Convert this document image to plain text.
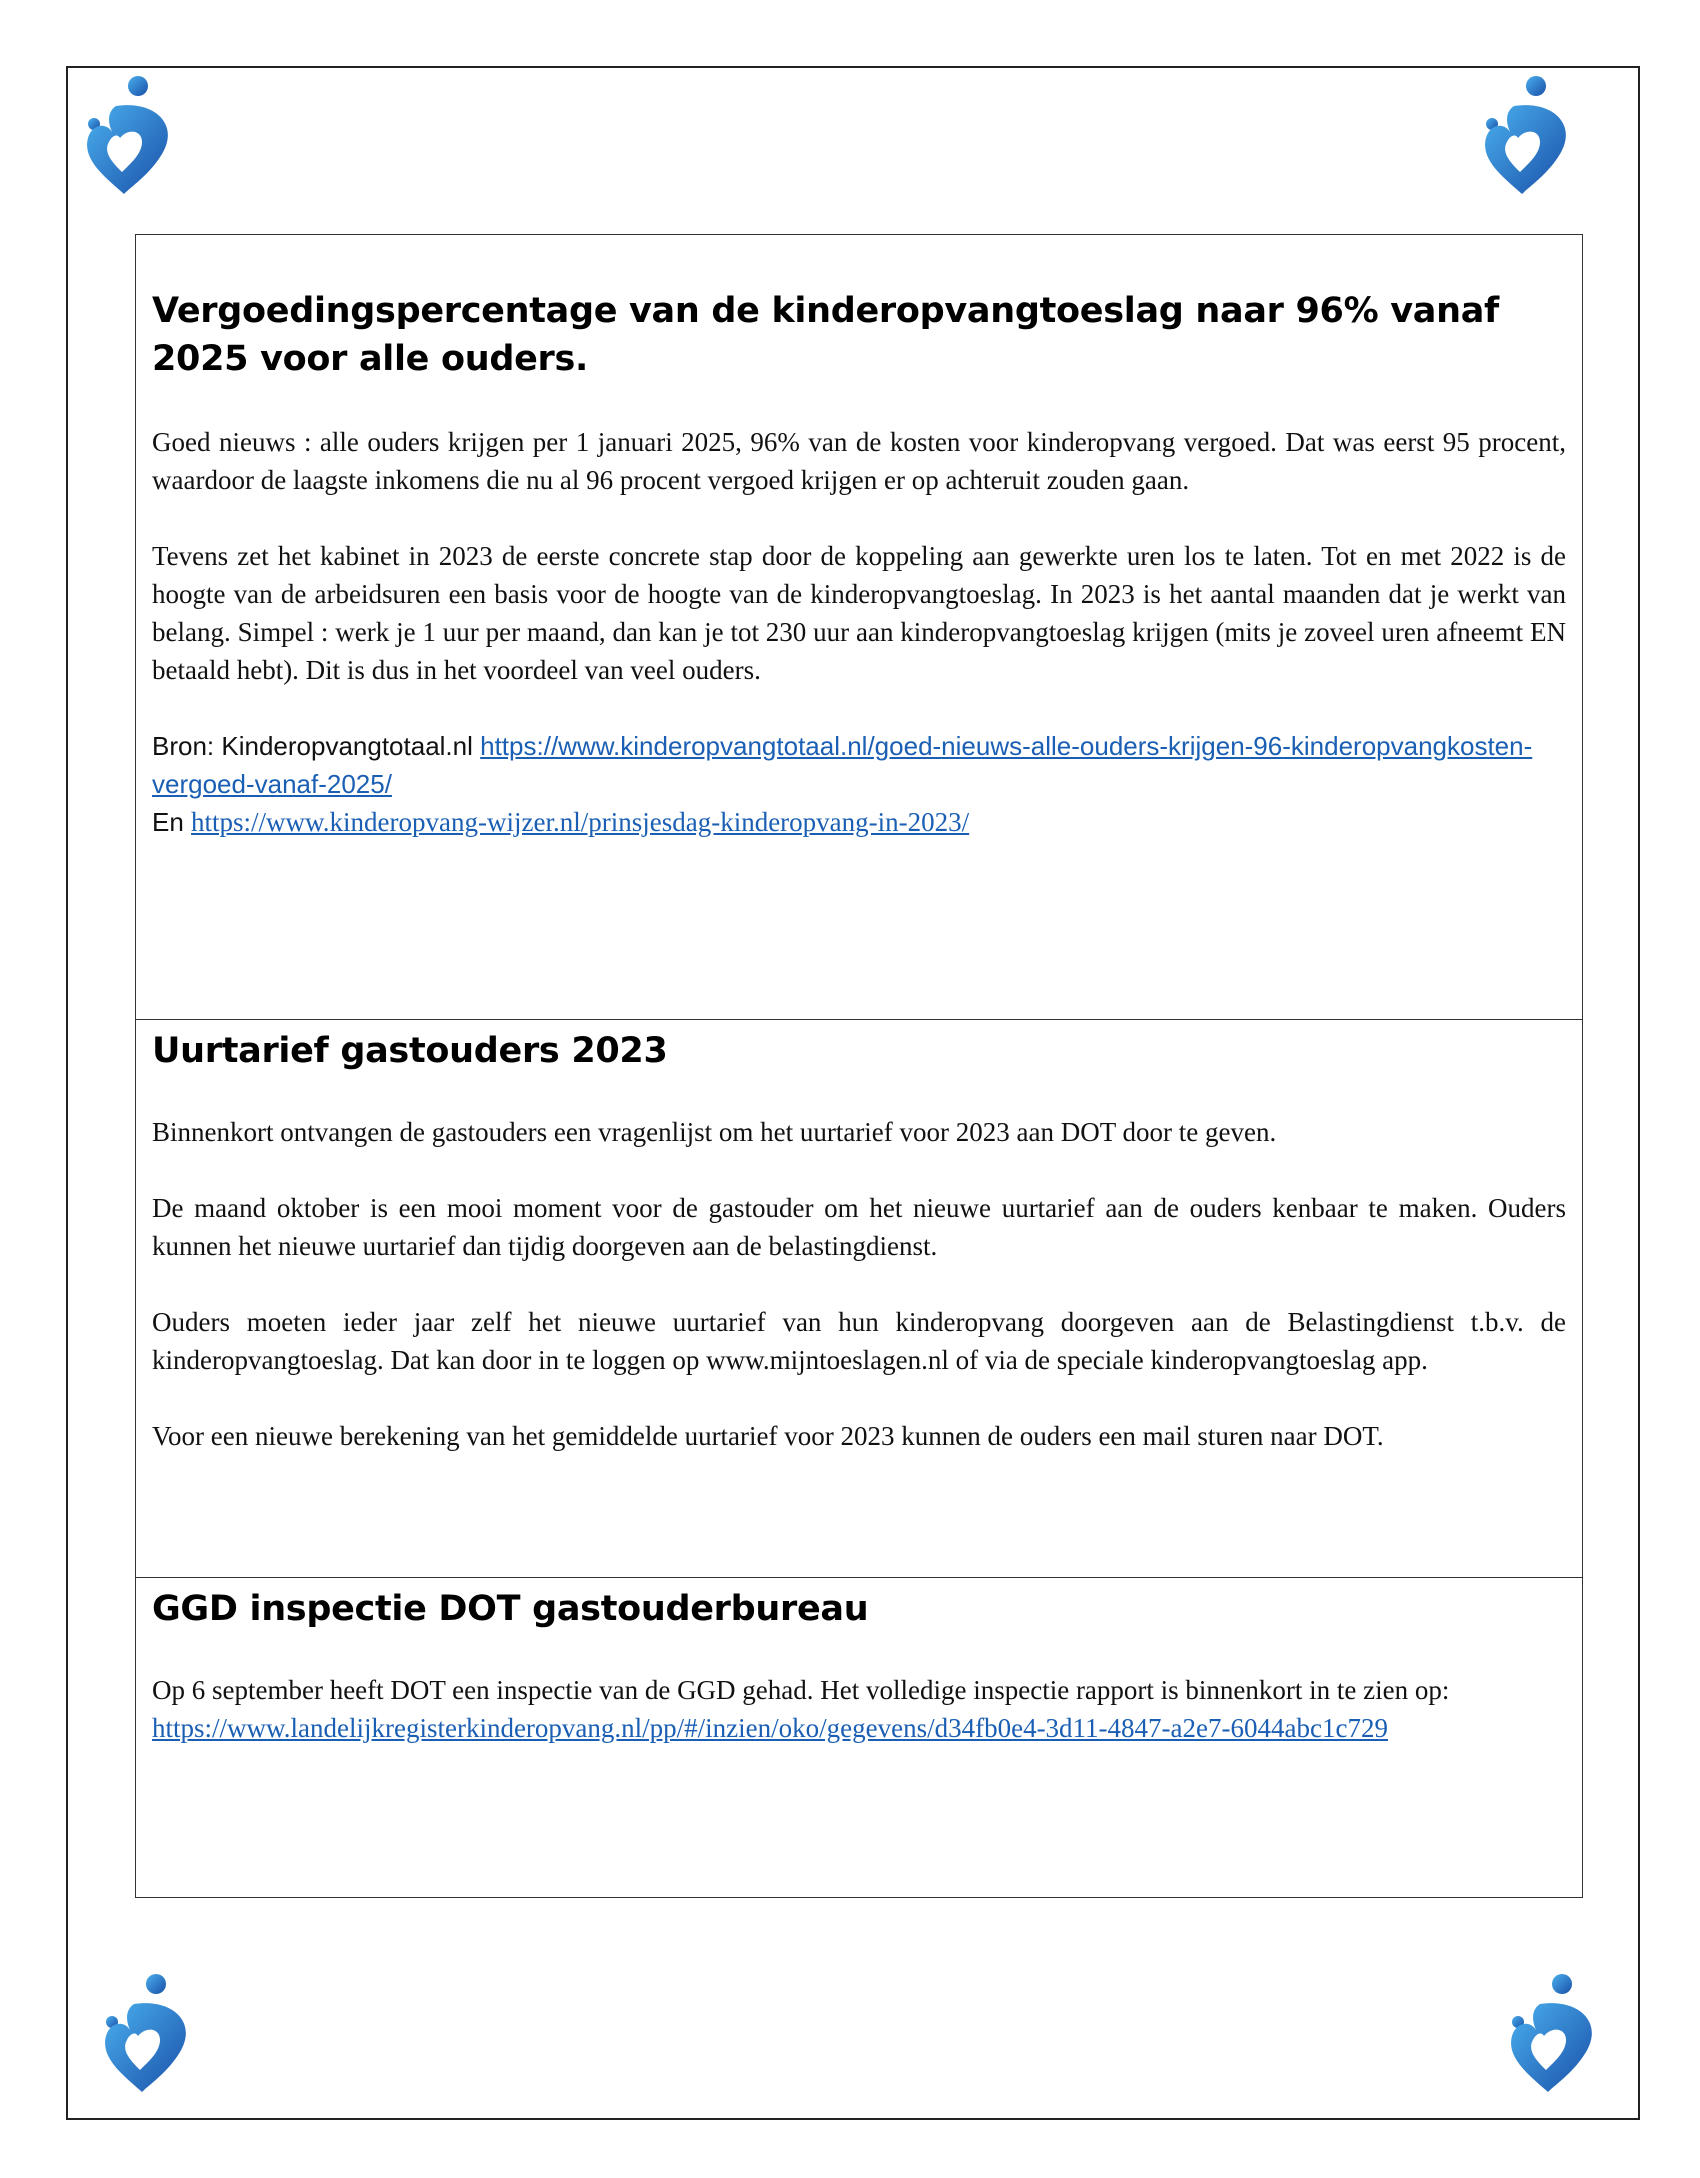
Vergoedingspercentage van de kinderopvangtoeslag naar 96% vanaf 2025 voor alle ouders.

Goed nieuws : alle ouders krijgen per 1 januari 2025, 96% van de kosten voor kinderopvang vergoed. Dat was eerst 95 procent, waardoor de laagste inkomens die nu al 96 procent vergoed krijgen er op achteruit zouden gaan.

Tevens zet het kabinet in 2023 de eerste concrete stap door de koppeling aan gewerkte uren los te laten. Tot en met 2022 is de hoogte van de arbeidsuren een basis voor de hoogte van de kinderopvangtoeslag. In 2023 is het aantal maanden dat je werkt van belang. Simpel : werk je 1 uur per maand, dan kan je tot 230 uur aan kinderopvangtoeslag krijgen (mits je zoveel uren afneemt EN betaald hebt). Dit is dus in het voordeel van veel ouders.

Bron: Kinderopvangtotaal.nl https://www.kinderopvangtotaal.nl/goed-nieuws-alle-ouders-krijgen-96-kinderopvangkosten-vergoed-vanaf-2025/
En https://www.kinderopvang-wijzer.nl/prinsjesdag-kinderopvang-in-2023/
Uurtarief gastouders 2023

Binnenkort ontvangen de gastouders een vragenlijst om het uurtarief voor 2023 aan DOT door te geven.

De maand oktober is een mooi moment voor de gastouder om het nieuwe uurtarief aan de ouders kenbaar te maken. Ouders kunnen het nieuwe uurtarief dan tijdig doorgeven aan de belastingdienst.

Ouders moeten ieder jaar zelf het nieuwe uurtarief van hun kinderopvang doorgeven aan de Belastingdienst t.b.v. de kinderopvangtoeslag. Dat kan door in te loggen op www.mijntoeslagen.nl of via de speciale kinderopvangtoeslag app.

Voor een nieuwe berekening van het gemiddelde uurtarief voor 2023 kunnen de ouders een mail sturen naar DOT.

GGD inspectie DOT gastouderbureau

Op 6 september heeft DOT een inspectie van de GGD gehad. Het volledige inspectie rapport is binnenkort in te zien op:

https://www.landelijkregisterkinderopvang.nl/pp/#/inzien/oko/gegevens/d34fb0e4-3d11-4847-a2e7-6044abc1c729
